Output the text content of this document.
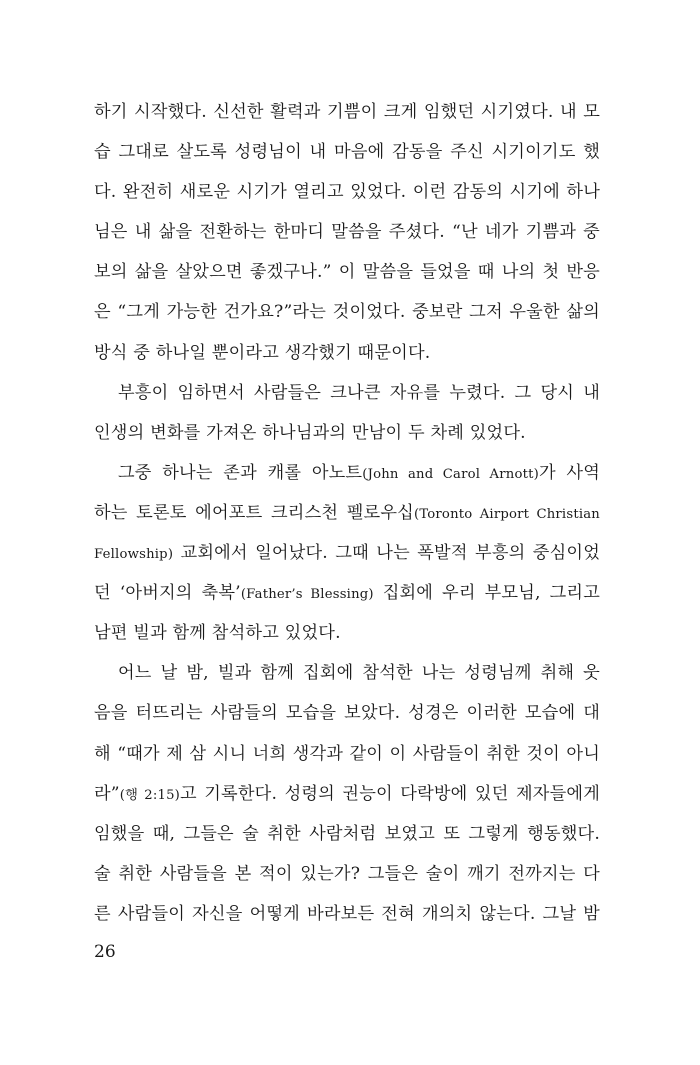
하기 시작했다. 신선한 활력과 기쁨이 크게 임했던 시기였다. 내 모
습 그대로 살도록 성령님이 내 마음에 감동을 주신 시기이기도 했
다. 완전히 새로운 시기가 열리고 있었다. 이런 감동의 시기에 하나
님은 내 삶을 전환하는 한마디 말씀을 주셨다. “난 네가 기쁨과 중
보의 삶을 살았으면 좋겠구나.” 이 말씀을 들었을 때 나의 첫 반응
은 “그게 가능한 건가요?”라는 것이었다. 중보란 그저 우울한 삶의
방식 중 하나일 뿐이라고 생각했기 때문이다.
부흥이 임하면서 사람들은 크나큰 자유를 누렸다. 그 당시 내
인생의 변화를 가져온 하나님과의 만남이 두 차례 있었다.
그중 하나는 존과 캐롤 아노트(John and Carol Arnott)가 사역
하는 토론토 에어포트 크리스천 펠로우십(Toronto Airport Christian
Fellowship) 교회에서 일어났다. 그때 나는 폭발적 부흥의 중심이었
던 ‘아버지의 축복’(Father’s Blessing) 집회에 우리 부모님, 그리고
남편 빌과 함께 참석하고 있었다.
어느 날 밤, 빌과 함께 집회에 참석한 나는 성령님께 취해 웃
음을 터뜨리는 사람들의 모습을 보았다. 성경은 이러한 모습에 대
해 “때가 제 삼 시니 너희 생각과 같이 이 사람들이 취한 것이 아니
라”(행 2:15)고 기록한다. 성령의 권능이 다락방에 있던 제자들에게
임했을 때, 그들은 술 취한 사람처럼 보였고 또 그렇게 행동했다.
술 취한 사람들을 본 적이 있는가? 그들은 술이 깨기 전까지는 다
른 사람들이 자신을 어떻게 바라보든 전혀 개의치 않는다. 그날 밤
26
